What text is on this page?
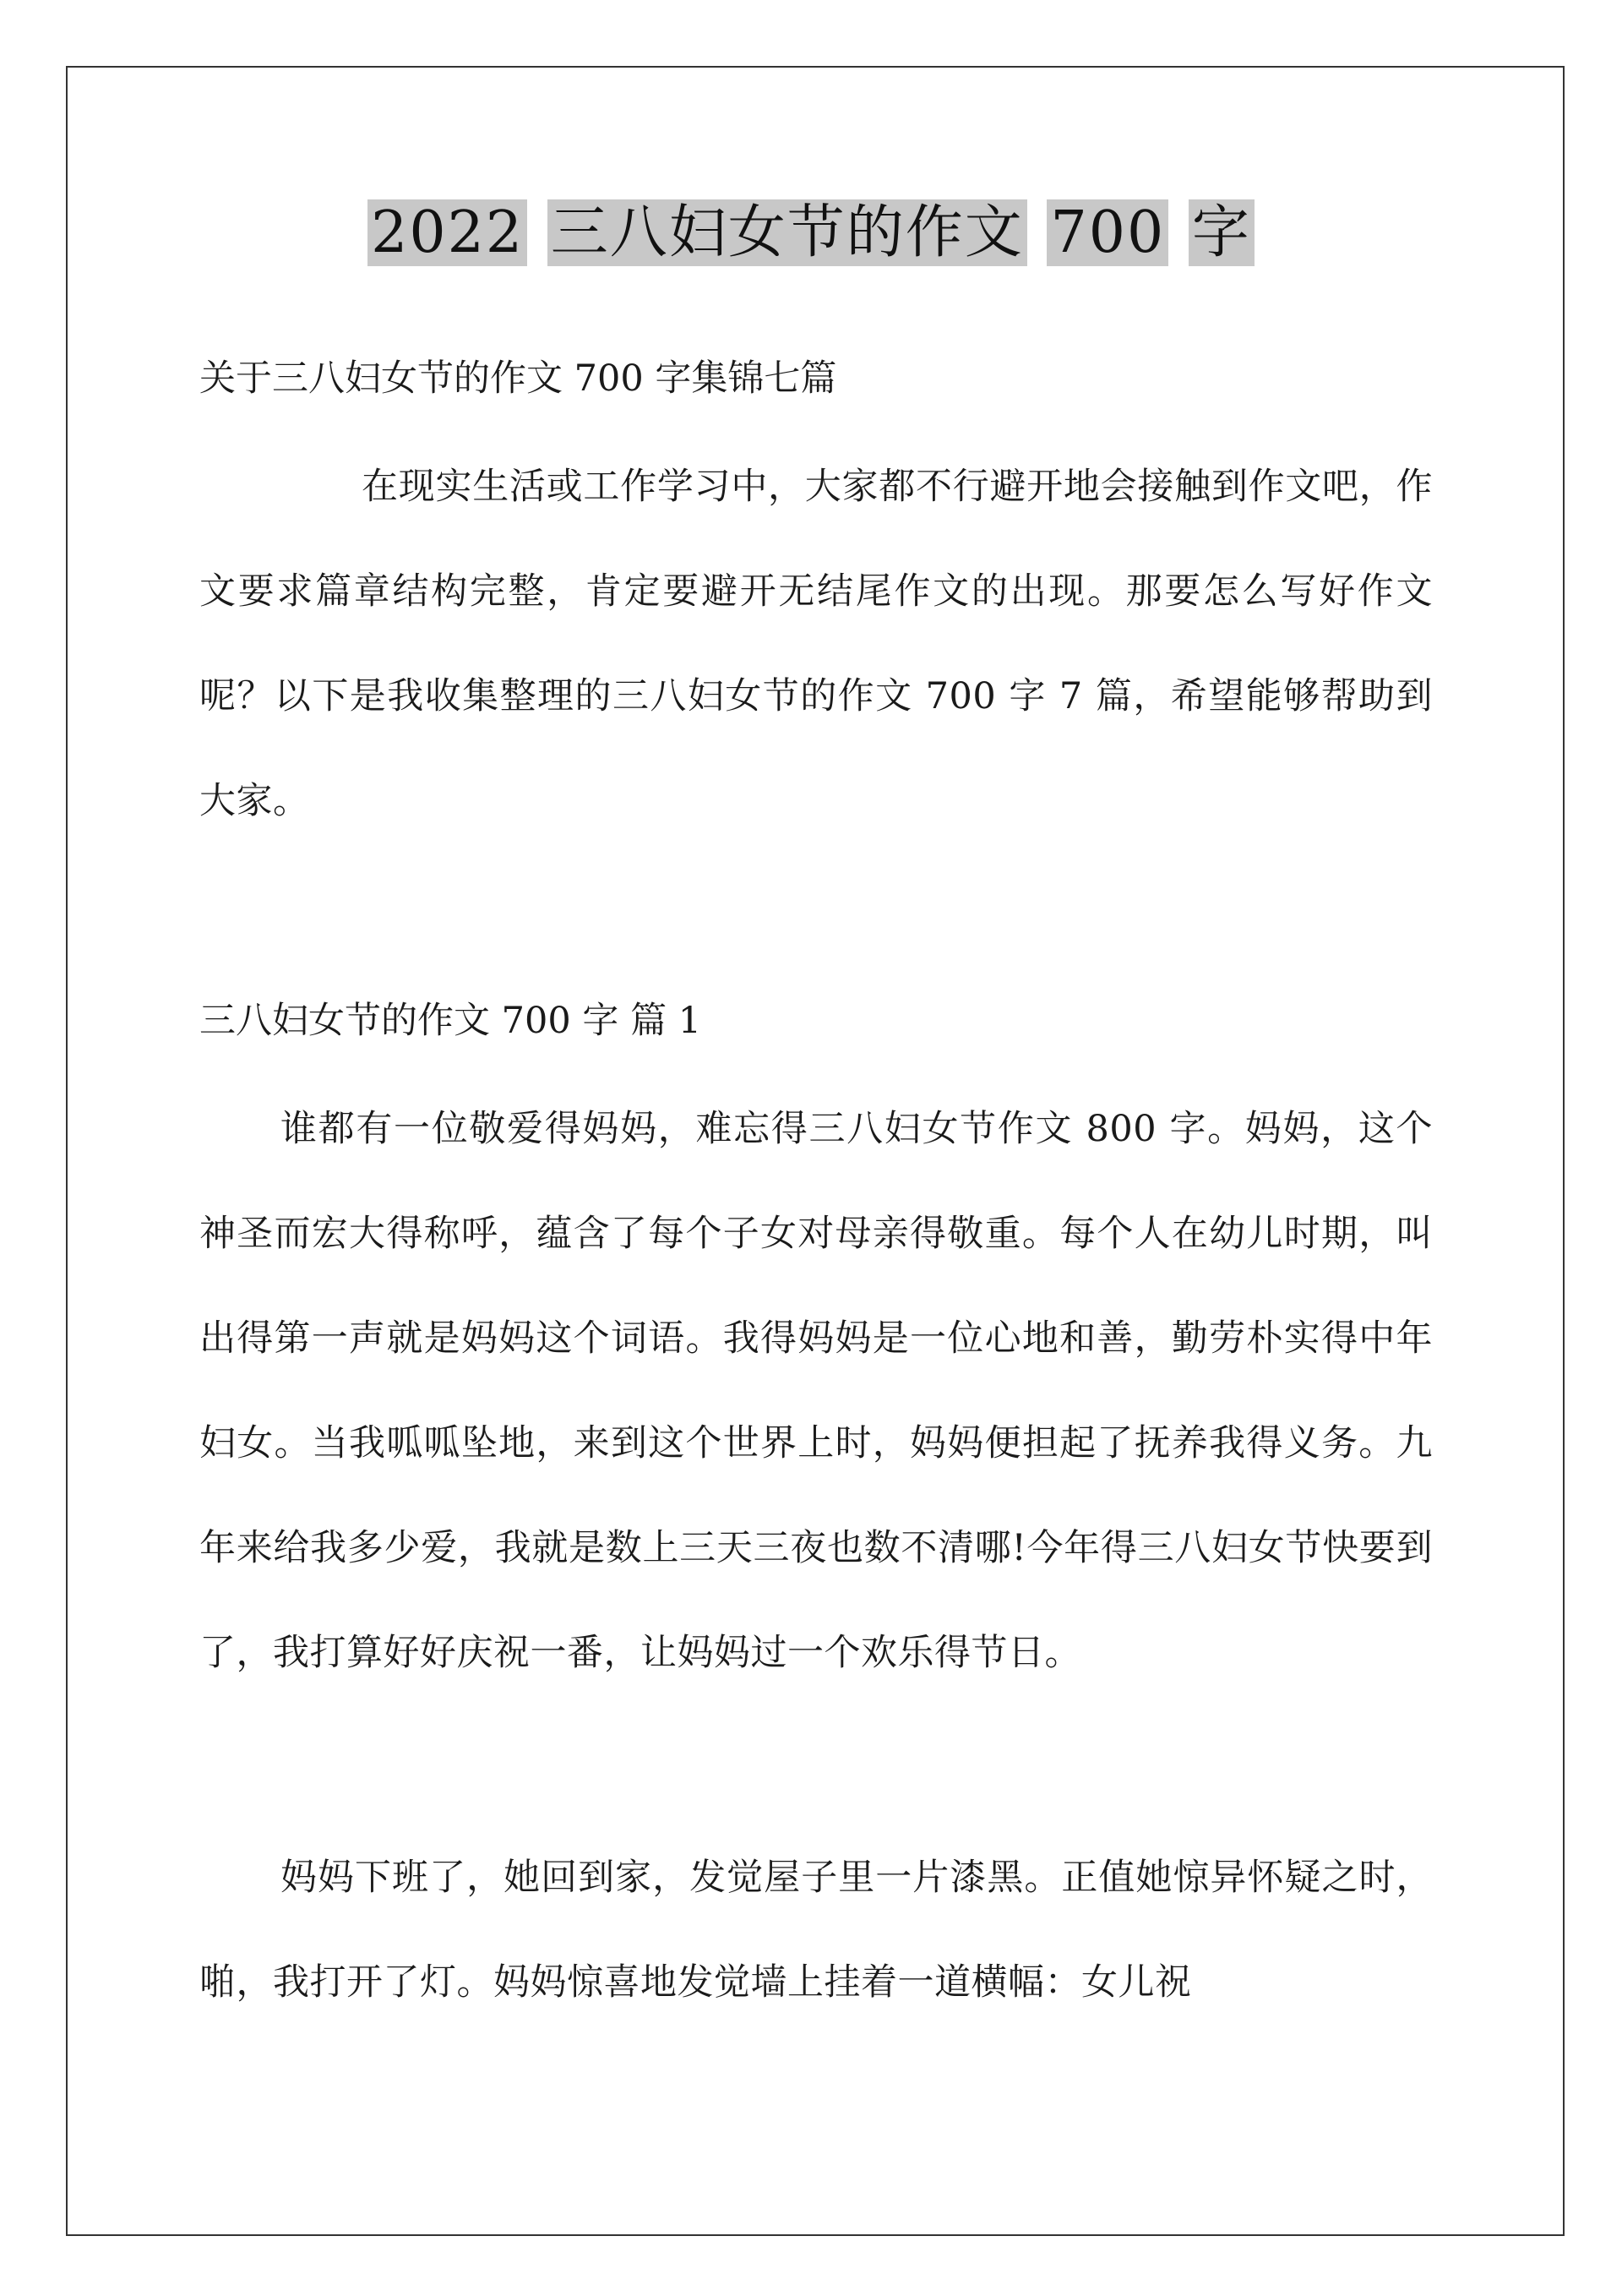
2022 三八妇女节的作文 700 字
关于三八妇女节的作文 700 字集锦七篇

在现实生活或工作学习中，大家都不行避开地会接触到作文吧，作文要求篇章结构完整，肯定要避开无结尾作文的出现。那要怎么写好作文呢？以下是我收集整理的三八妇女节的作文 700 字 7 篇，希望能够帮助到大家。

三八妇女节的作文 700 字 篇 1

谁都有一位敬爱得妈妈，难忘得三八妇女节作文 800 字。妈妈，这个神圣而宏大得称呼，蕴含了每个子女对母亲得敬重。每个人在幼儿时期，叫出得第一声就是妈妈这个词语。我得妈妈是一位心地和善，勤劳朴实得中年妇女。当我呱呱坠地，来到这个世界上时，妈妈便担起了抚养我得义务。九年来给我多少爱，我就是数上三天三夜也数不清哪!今年得三八妇女节快要到了，我打算好好庆祝一番，让妈妈过一个欢乐得节日。

妈妈下班了，她回到家，发觉屋子里一片漆黑。正值她惊异怀疑之时，啪，我打开了灯。妈妈惊喜地发觉墙上挂着一道横幅：女儿祝
